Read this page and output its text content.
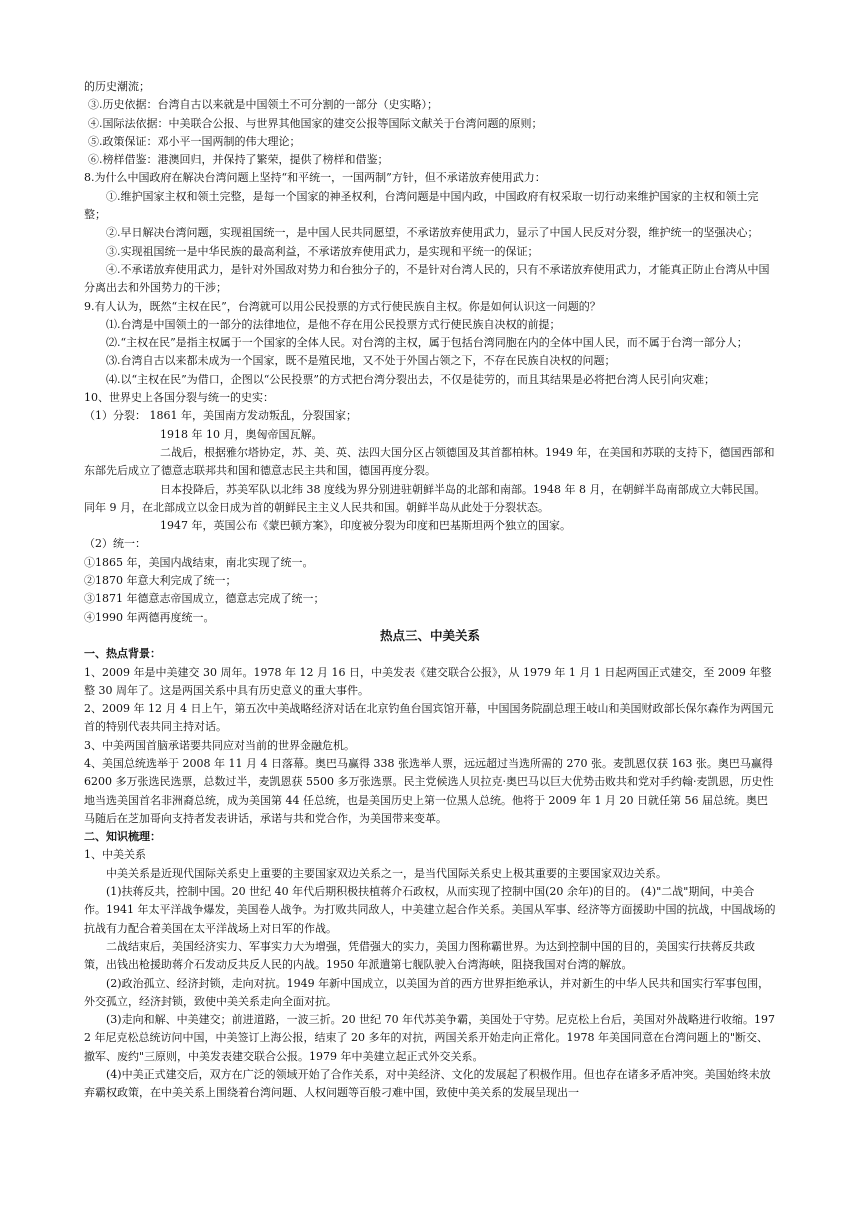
的历史潮流；

③.历史依据：台湾自古以来就是中国领土不可分割的一部分（史实略）；

④.国际法依据：中美联合公报、与世界其他国家的建交公报等国际文献关于台湾问题的原则；

⑤.政策保证：邓小平一国两制的伟大理论；

⑥.榜样借鉴：港澳回归，并保持了繁荣，提供了榜样和借鉴；

8.为什么中国政府在解决台湾问题上坚持“和平统一，一国两制”方针，但不承诺放弃使用武力：

①.维护国家主权和领土完整，是每一个国家的神圣权利，台湾问题是中国内政，中国政府有权采取一切行动来维护国家的主权和领土完整；

②.早日解决台湾问题，实现祖国统一，是中国人民共同愿望，不承诺放弃使用武力，显示了中国人民反对分裂，维护统一的坚强决心；

③.实现祖国统一是中华民族的最高利益，不承诺放弃使用武力，是实现和平统一的保证；

④.不承诺放弃使用武力，是针对外国敌对势力和台独分子的，不是针对台湾人民的，只有不承诺放弃使用武力，才能真正防止台湾从中国分离出去和外国势力的干涉；

9.有人认为，既然“主权在民”，台湾就可以用公民投票的方式行使民族自主权。你是如何认识这一问题的？

⑴.台湾是中国领土的一部分的法律地位，是他不存在用公民投票方式行使民族自决权的前提；

⑵.“主权在民”是指主权属于一个国家的全体人民。对台湾的主权，属于包括台湾同胞在内的全体中国人民，而不属于台湾一部分人；

⑶.台湾自古以来都未成为一个国家，既不是殖民地，又不处于外国占领之下，不存在民族自决权的问题；

⑷.以“主权在民”为借口，企图以“公民投票”的方式把台湾分裂出去，不仅是徒劳的，而且其结果是必将把台湾人民引向灾难；

10、世界史上各国分裂与统一的史实：

（1）分裂： 1861 年，美国南方发动叛乱，分裂国家；

1918 年 10 月，奥匈帝国瓦解。

二战后，根据雅尔塔协定，苏、美、英、法四大国分区占领德国及其首都柏林。1949 年，在美国和苏联的支持下，德国西部和东部先后成立了德意志联邦共和国和德意志民主共和国，德国再度分裂。

日本投降后，苏美军队以北纬 38 度线为界分别进驻朝鲜半岛的北部和南部。1948 年 8 月，在朝鲜半岛南部成立大韩民国。同年 9 月，在北部成立以金日成为首的朝鲜民主主义人民共和国。朝鲜半岛从此处于分裂状态。

1947 年，英国公布《蒙巴顿方案》，印度被分裂为印度和巴基斯坦两个独立的国家。

（2）统一：

①1865 年，美国内战结束，南北实现了统一。

②1870 年意大利完成了统一；

③1871 年德意志帝国成立，德意志完成了统一；

④1990 年两德再度统一。

热点三、中美关系

一、热点背景：

1、2009 年是中美建交 30 周年。1978 年 12 月 16 日，中美发表《建交联合公报》，从 1979 年 1 月 1 日起两国正式建交，至 2009 年整整 30 周年了。这是两国关系中具有历史意义的重大事件。

2、2009 年 12 月 4 日上午，第五次中美战略经济对话在北京钓鱼台国宾馆开幕，中国国务院副总理王岐山和美国财政部长保尔森作为两国元首的特别代表共同主持对话。

3、中美两国首脑承诺要共同应对当前的世界金融危机。

4、美国总统选举于 2008 年 11 月 4 日落幕。奥巴马赢得 338 张选举人票，远远超过当选所需的 270 张。麦凯恩仅获 163 张。奥巴马赢得 6200 多万张选民选票，总数过半，麦凯恩获 5500 多万张选票。民主党候选人贝拉克·奥巴马以巨大优势击败共和党对手约翰·麦凯恩，历史性地当选美国首名非洲裔总统，成为美国第 44 任总统，也是美国历史上第一位黑人总统。他将于 2009 年 1 月 20 日就任第 56 届总统。奥巴马随后在芝加哥向支持者发表讲话，承诺与共和党合作，为美国带来变革。

二、知识梳理：

1、中美关系

中美关系是近现代国际关系史上重要的主要国家双边关系之一，是当代国际关系史上极其重要的主要国家双边关系。

(1)扶蒋反共，控制中国。20 世纪 40 年代后期积极扶植蒋介石政权，从而实现了控制中国(20 余年)的目的。 (4)"二战"期间，中美合作。1941 年太平洋战争爆发，美国卷人战争。为打败共同敌人，中美建立起合作关系。美国从军事、经济等方面援助中国的抗战，中国战场的抗战有力配合着美国在太平洋战场上对日军的作战。

二战结束后，美国经济实力、军事实力大为增强，凭借强大的实力，美国力图称霸世界。为达到控制中国的目的，美国实行扶蒋反共政策，出钱出枪援助蒋介石发动反共反人民的内战。1950 年派遣第七舰队驶入台湾海峡，阻挠我国对台湾的解放。

(2)政治孤立、经济封锁，走向对抗。1949 年新中国成立，以美国为首的西方世界拒绝承认，并对新生的中华人民共和国实行军事包围，外交孤立，经济封锁，致使中美关系走向全面对抗。

(3)走向和解、中美建交；前进道路，一波三折。20 世纪 70 年代苏美争霸，美国处于守势。尼克松上台后，美国对外战略进行收缩。1972 年尼克松总统访问中国，中美签订上海公报，结束了 20 多年的对抗，两国关系开始走向正常化。1978 年美国同意在台湾问题上的"断交、撤军、废约"三原则，中美发表建交联合公报。1979 年中美建立起正式外交关系。

(4)中美正式建交后，双方在广泛的领域开始了合作关系，对中美经济、文化的发展起了积极作用。但也存在诸多矛盾冲突。美国始终未放弃霸权政策，在中美关系上围绕着台湾问题、人权问题等百般刁难中国，致使中美关系的发展呈现出一
